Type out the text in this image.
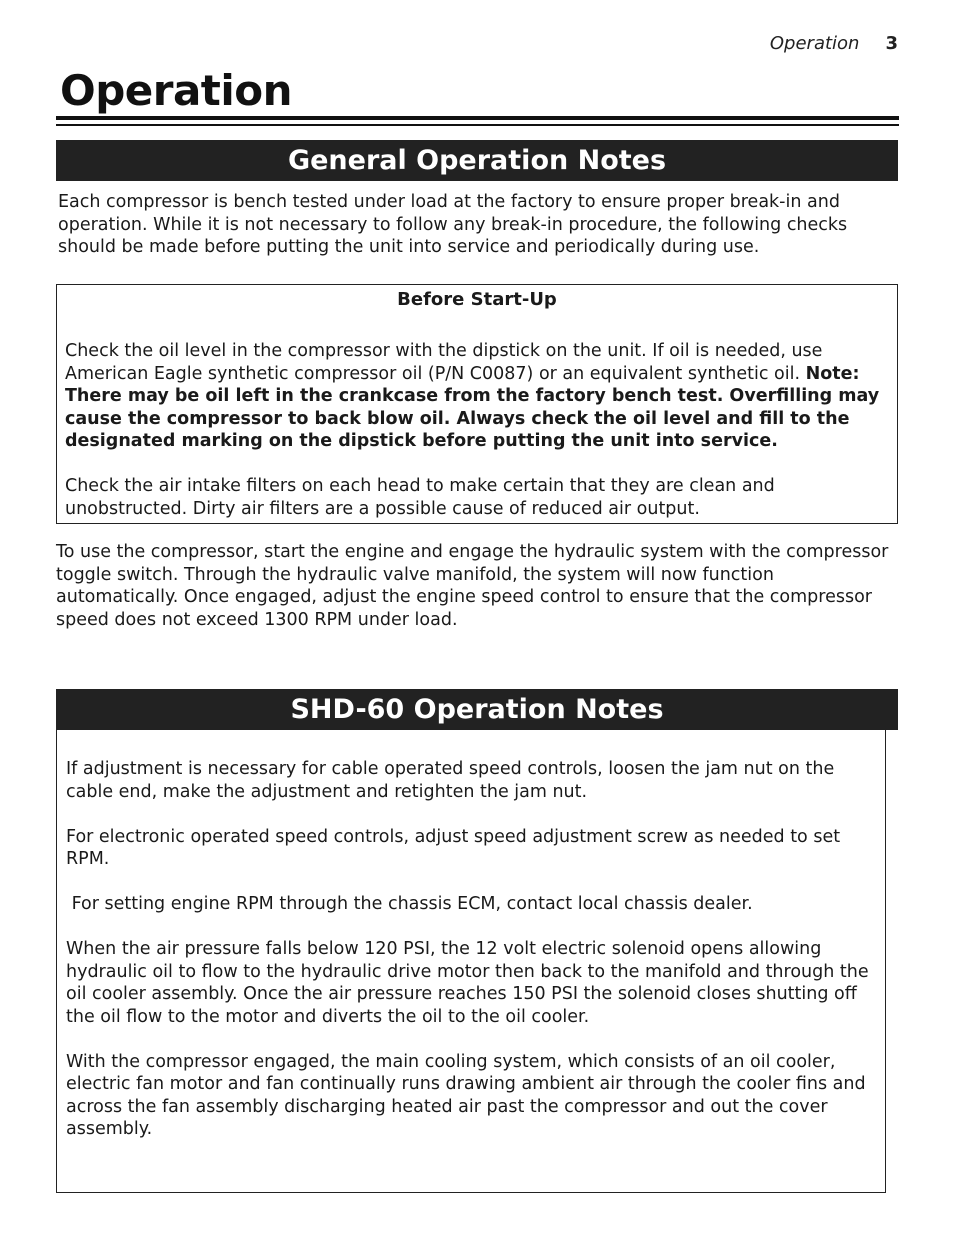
Operation 3
Operation
General Operation Notes

Each compressor is bench tested under load at the factory to ensure proper break-in and operation. While it is not necessary to follow any break-in procedure, the following checks should be made before putting the unit into service and periodically during use.

Before Start-Up

Check the oil level in the compressor with the dipstick on the unit. If oil is needed, use American Eagle synthetic compressor oil (P/N C0087) or an equivalent synthetic oil. Note: There may be oil left in the crankcase from the factory bench test. Overfilling may cause the compressor to back blow oil. Always check the oil level and fill to the designated marking on the dipstick before putting the unit into service.

Check the air intake filters on each head to make certain that they are clean and unobstructed. Dirty air filters are a possible cause of reduced air output.

To use the compressor, start the engine and engage the hydraulic system with the compressor toggle switch. Through the hydraulic valve manifold, the system will now function automatically. Once engaged, adjust the engine speed control to ensure that the compressor speed does not exceed 1300 RPM under load.

SHD-60 Operation Notes

If adjustment is necessary for cable operated speed controls, loosen the jam nut on the cable end, make the adjustment and retighten the jam nut.

For electronic operated speed controls, adjust speed adjustment screw as needed to set RPM.

For setting engine RPM through the chassis ECM, contact local chassis dealer.

When the air pressure falls below 120 PSI, the 12 volt electric solenoid opens allowing hydraulic oil to flow to the hydraulic drive motor then back to the manifold and through the oil cooler assembly. Once the air pressure reaches 150 PSI the solenoid closes shutting off the oil flow to the motor and diverts the oil to the oil cooler.

With the compressor engaged, the main cooling system, which consists of an oil cooler, electric fan motor and fan continually runs drawing ambient air through the cooler fins and across the fan assembly discharging heated air past the compressor and out the cover assembly.
